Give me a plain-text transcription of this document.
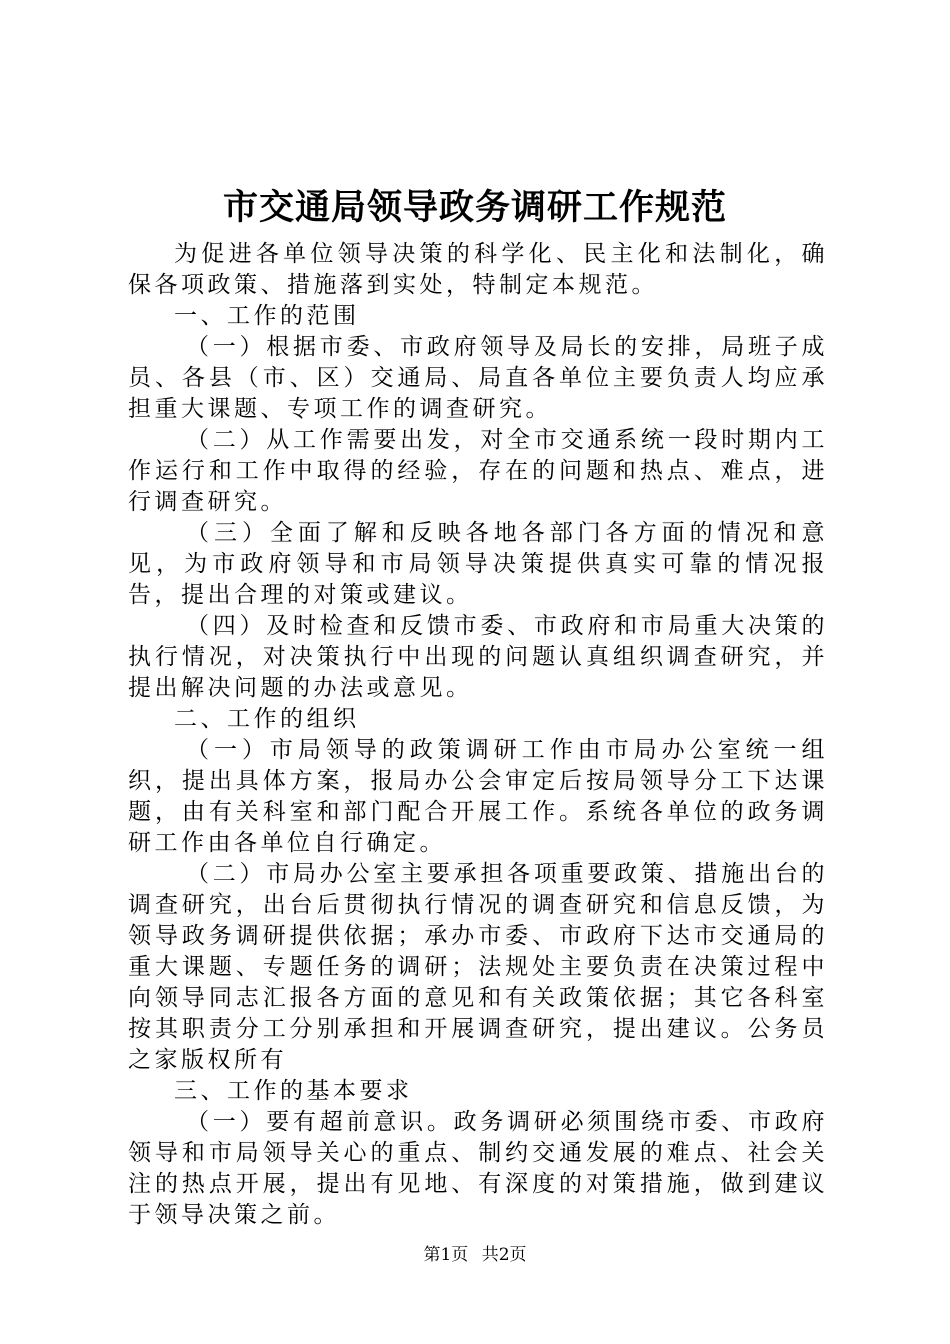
市交通局领导政务调研工作规范

为促进各单位领导决策的科学化、民主化和法制化，确保各项政策、措施落到实处，特制定本规范。

一、工作的范围

（一）根据市委、市政府领导及局长的安排，局班子成员、各县（市、区）交通局、局直各单位主要负责人均应承担重大课题、专项工作的调查研究。

（二）从工作需要出发，对全市交通系统一段时期内工作运行和工作中取得的经验，存在的问题和热点、难点，进行调查研究。

（三）全面了解和反映各地各部门各方面的情况和意见，为市政府领导和市局领导决策提供真实可靠的情况报告，提出合理的对策或建议。

（四）及时检查和反馈市委、市政府和市局重大决策的执行情况，对决策执行中出现的问题认真组织调查研究，并提出解决问题的办法或意见。

二、工作的组织

（一）市局领导的政策调研工作由市局办公室统一组织，提出具体方案，报局办公会审定后按局领导分工下达课题，由有关科室和部门配合开展工作。系统各单位的政务调研工作由各单位自行确定。

（二）市局办公室主要承担各项重要政策、措施出台的调查研究，出台后贯彻执行情况的调查研究和信息反馈，为领导政务调研提供依据；承办市委、市政府下达市交通局的重大课题、专题任务的调研；法规处主要负责在决策过程中向领导同志汇报各方面的意见和有关政策依据；其它各科室按其职责分工分别承担和开展调查研究，提出建议。公务员之家版权所有

三、工作的基本要求

（一）要有超前意识。政务调研必须围绕市委、市政府领导和市局领导关心的重点、制约交通发展的难点、社会关注的热点开展，提出有见地、有深度的对策措施，做到建议于领导决策之前。

第1页 共2页
